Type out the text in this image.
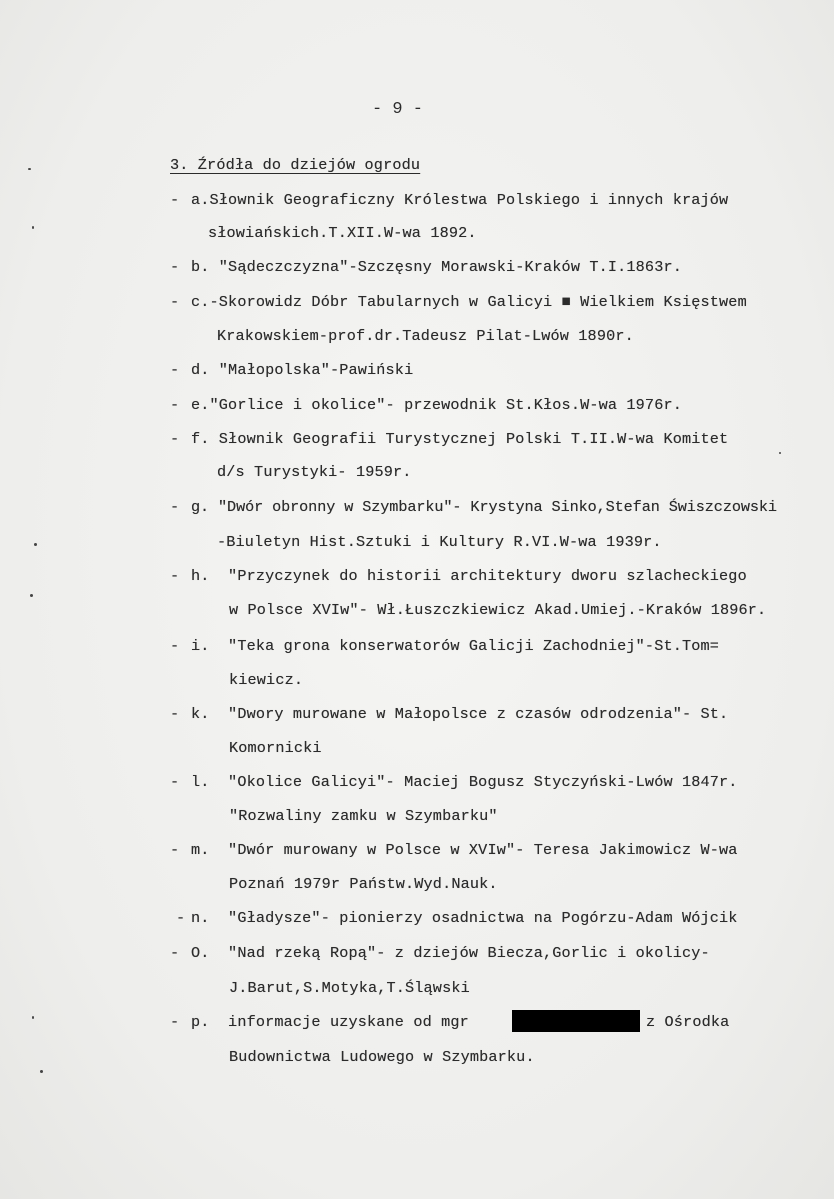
- 9 -
3. Źródła do dziejów ogrodu
- a.Słownik Geograficzny Królestwa Polskiego i innych krajów
słowiańskich.T.XII.W-wa 1892.
- b. "Sądeczczyzna"-Szczęsny Morawski-Kraków T.I.1863r.
- c.-Skorowidz Dóbr Tabularnych w Galicyi ■ Wielkiem Księstwem
Krakowskiem-prof.dr.Tadeusz Pilat-Lwów 1890r.
- d. "Małopolska"-Pawiński
- e."Gorlice i okolice"- przewodnik St.Kłos.W-wa 1976r.
- f. Słownik Geografii Turystycznej Polski T.II.W-wa Komitet
d/s Turystyki- 1959r.
- g. "Dwór obronny w Szymbarku"- Krystyna Sinko,Stefan Świszczowski
-Biuletyn Hist.Sztuki i Kultury R.VI.W-wa 1939r.
- h.  "Przyczynek do historii architektury dworu szlacheckiego
w Polsce XVIw"- Wł.Łuszczkiewicz Akad.Umiej.-Kraków 1896r.
- i.  "Teka grona konserwatorów Galicji Zachodniej"-St.Tom=
kiewicz.
- k.  "Dwory murowane w Małopolsce z czasów odrodzenia"- St.
Komornicki
- l.  "Okolice Galicyi"- Maciej Bogusz Styczyński-Lwów 1847r.
"Rozwaliny zamku w Szymbarku"
- m.  "Dwór murowany w Polsce w XVIw"- Teresa Jakimowicz W-wa
Poznań 1979r Państw.Wyd.Nauk.
- n.  "Gładysze"- pionierzy osadnictwa na Pogórzu-Adam Wójcik
- O.  "Nad rzeką Ropą"- z dziejów Biecza,Gorlic i okolicy-
J.Barut,S.Motyka,T.Śląwski
- p.  informacje uzyskane od mgr	z Ośrodka
Budownictwa Ludowego w Szymbarku.
